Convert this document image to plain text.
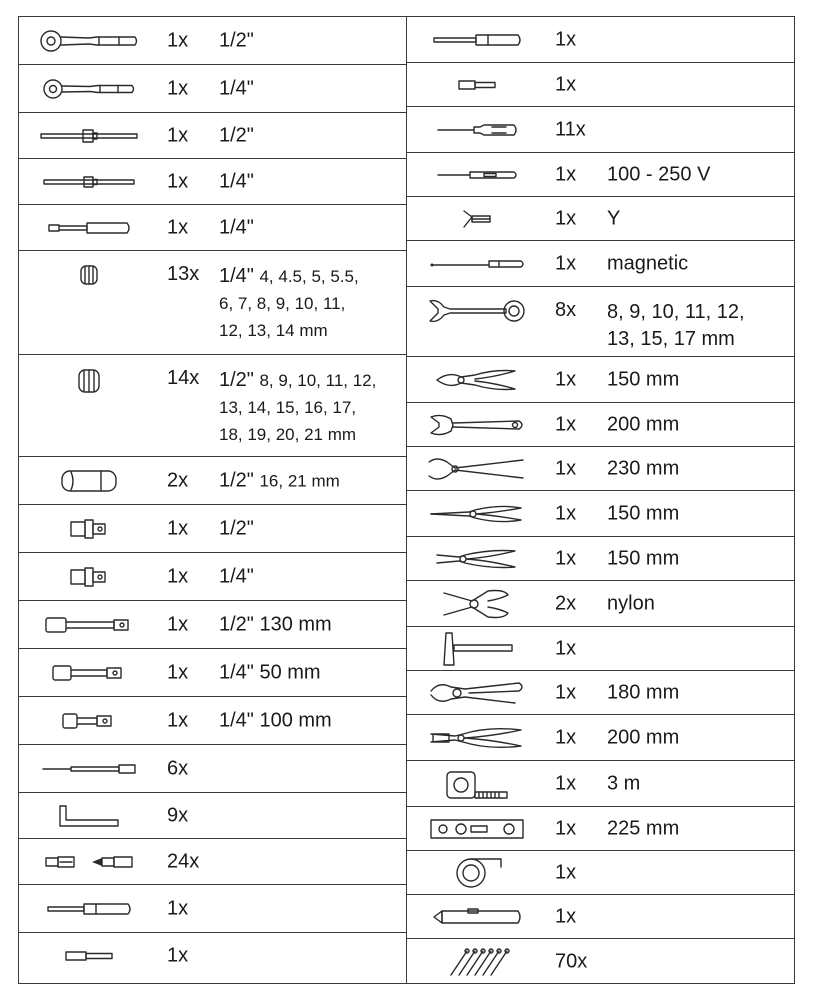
1x 1/2"
1x 1/4"
1x 1/2"
1x 1/4"
1x 1/4"
13x 1/4" 4, 4.5, 5, 5.5,
6, 7, 8, 9, 10, 11,
12, 13, 14 mm
14x 1/2" 8, 9, 10, 11, 12,
13, 14, 15, 16, 17,
18, 19, 20, 21 mm
2x 1/2" 16, 21 mm
1x 1/2"
1x 1/4"
1x 1/2" 130 mm
1x 1/4" 50 mm
1x 1/4" 100 mm
6x
9x
24x
1x
1x
1x
1x
11x
1x 100 - 250 V
1x Y
1x magnetic
8x 8, 9, 10, 11, 12,
13, 15, 17 mm
1x 150 mm
1x 200 mm
1x 230 mm
1x 150 mm
1x 150 mm
2x nylon
1x
1x 180 mm
1x 200 mm
1x 3 m
1x 225 mm
1x
1x
70x
